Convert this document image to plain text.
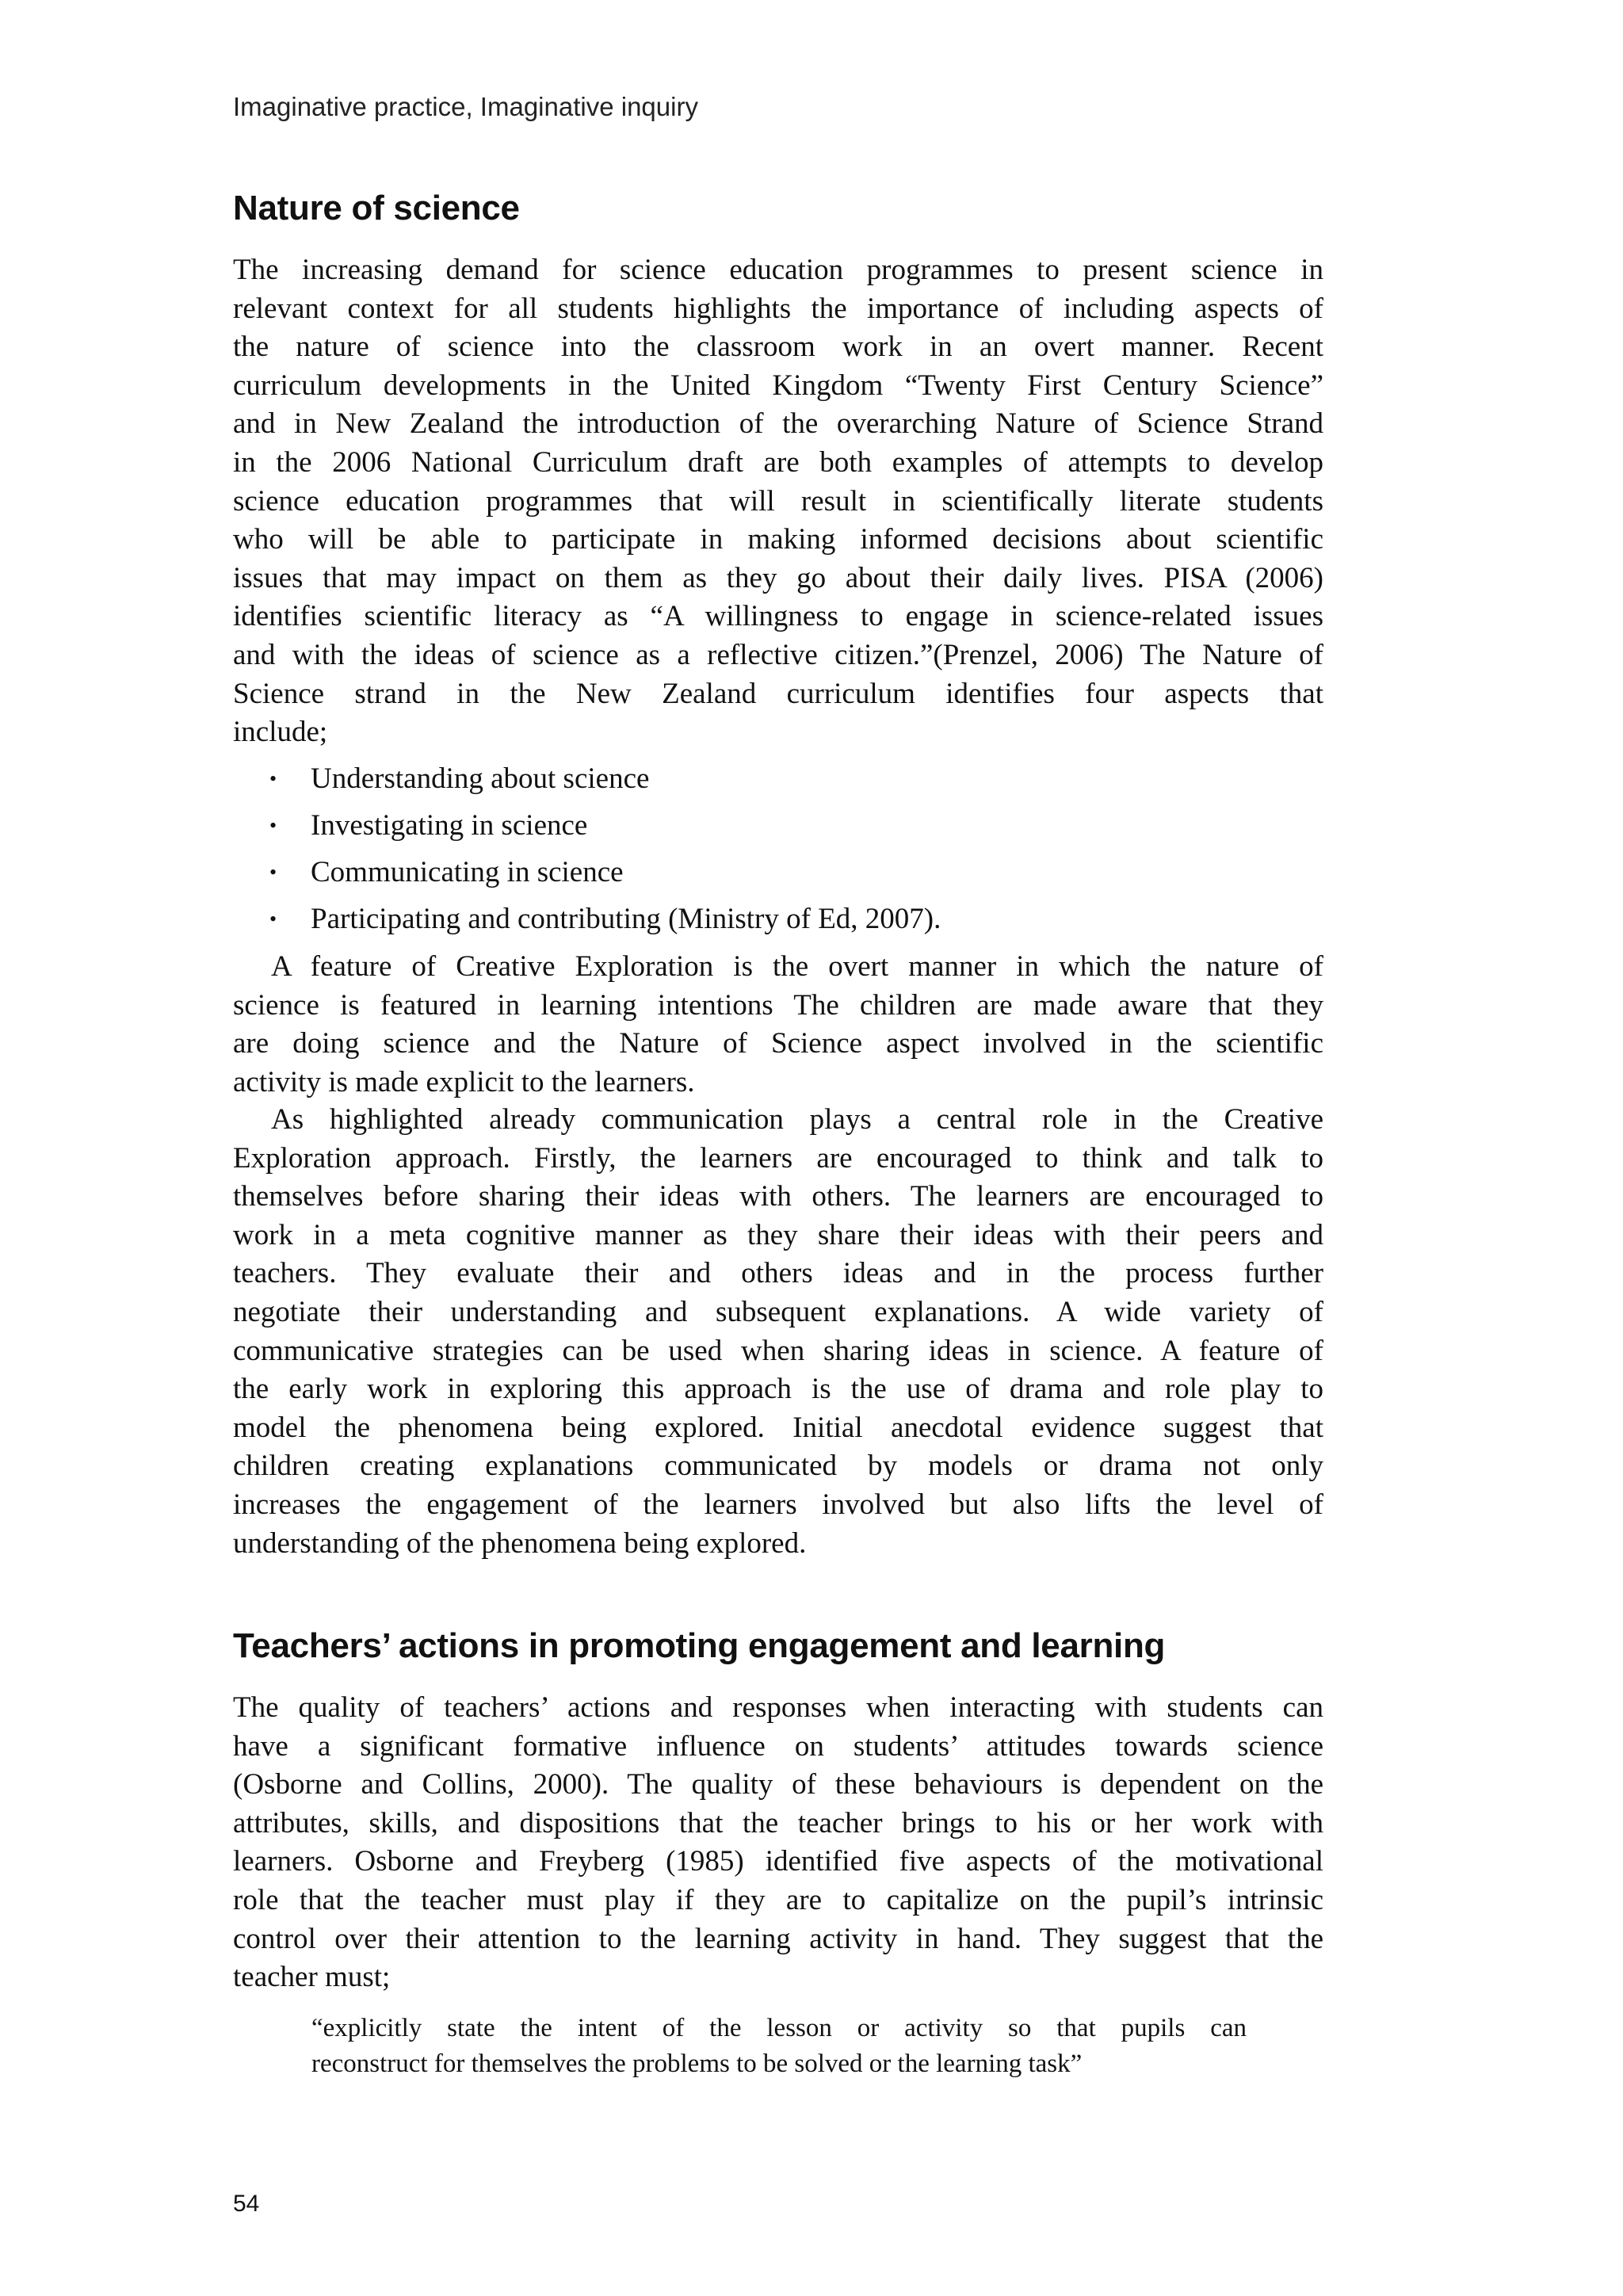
Imaginative practice, Imaginative inquiry
Nature of science
The increasing demand for science education programmes to present science in
relevant context for all students highlights the importance of including aspects of
the nature of science into the classroom work in an overt manner. Recent
curriculum developments in the United Kingdom “Twenty First Century Science”
and in New Zealand the introduction of the overarching Nature of Science Strand
in the 2006 National Curriculum draft are both examples of attempts to develop
science education programmes that will result in scientifically literate students
who will be able to participate in making informed decisions about scientific
issues that may impact on them as they go about their daily lives. PISA (2006)
identifies scientific literacy as “A willingness to engage in science-related issues
and with the ideas of science as a reflective citizen.”(Prenzel, 2006) The Nature of
Science strand in the New Zealand curriculum identifies four aspects that
include;
• Understanding about science
• Investigating in science
• Communicating in science
• Participating and contributing (Ministry of Ed, 2007).
A feature of Creative Exploration is the overt manner in which the nature of
science is featured in learning intentions The children are made aware that they
are doing science and the Nature of Science aspect involved in the scientific
activity is made explicit to the learners.
As highlighted already communication plays a central role in the Creative
Exploration approach. Firstly, the learners are encouraged to think and talk to
themselves before sharing their ideas with others. The learners are encouraged to
work in a meta cognitive manner as they share their ideas with their peers and
teachers. They evaluate their and others ideas and in the process further
negotiate their understanding and subsequent explanations. A wide variety of
communicative strategies can be used when sharing ideas in science. A feature of
the early work in exploring this approach is the use of drama and role play to
model the phenomena being explored. Initial anecdotal evidence suggest that
children creating explanations communicated by models or drama not only
increases the engagement of the learners involved but also lifts the level of
understanding of the phenomena being explored.
Teachers’ actions in promoting engagement and learning
The quality of teachers’ actions and responses when interacting with students can
have a significant formative influence on students’ attitudes towards science
(Osborne and Collins, 2000). The quality of these behaviours is dependent on the
attributes, skills, and dispositions that the teacher brings to his or her work with
learners. Osborne and Freyberg (1985) identified five aspects of the motivational
role that the teacher must play if they are to capitalize on the pupil’s intrinsic
control over their attention to the learning activity in hand. They suggest that the
teacher must;
“explicitly state the intent of the lesson or activity so that pupils can
reconstruct for themselves the problems to be solved or the learning task”
54
